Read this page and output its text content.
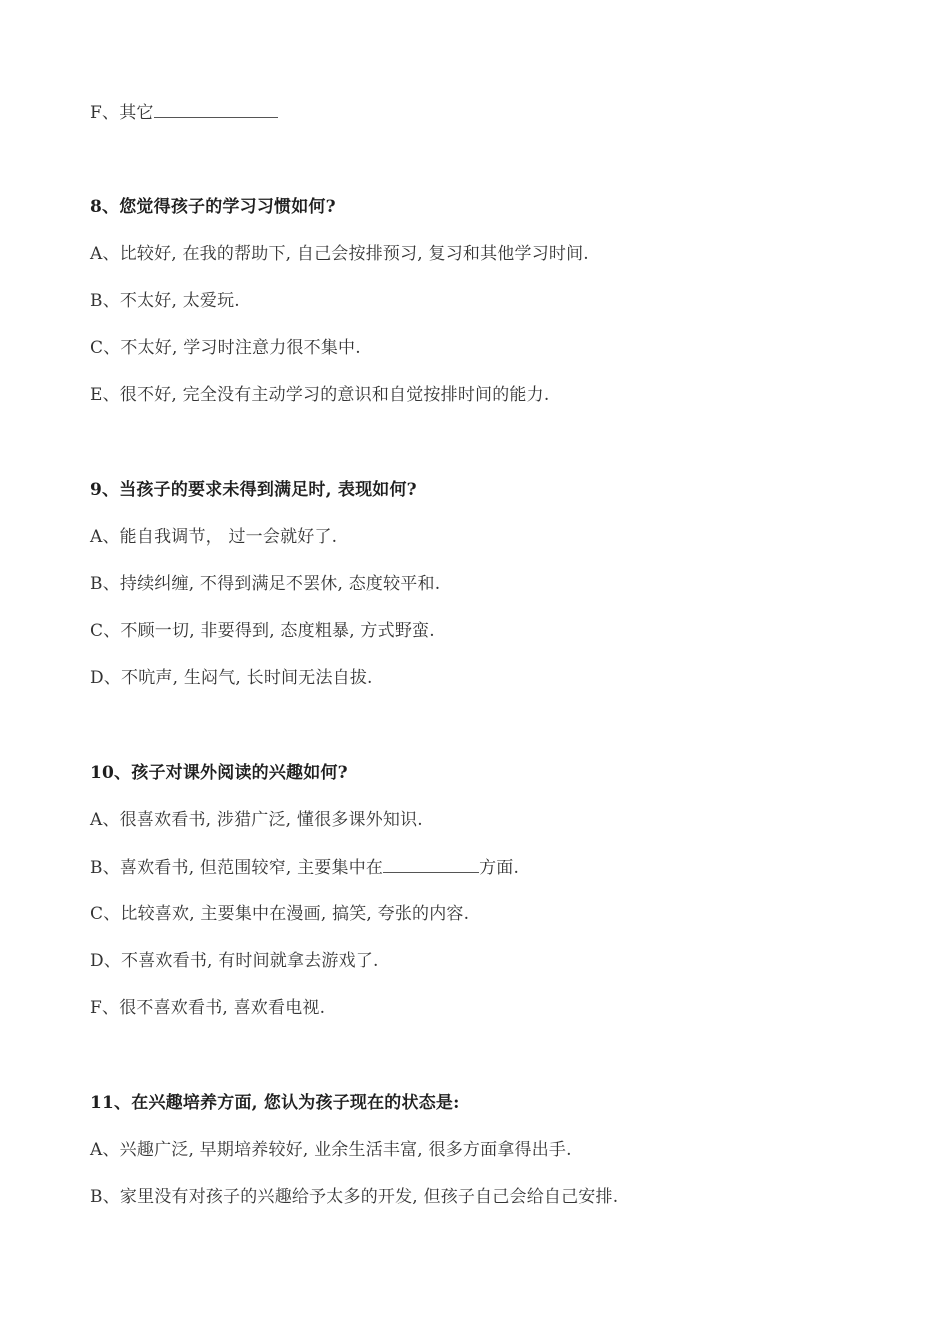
F、其它
8、您觉得孩子的学习习惯如何?
A、比较好, 在我的帮助下, 自己会按排预习, 复习和其他学习时间.
B、不太好, 太爱玩.
C、不太好, 学习时注意力很不集中.
E、很不好, 完全没有主动学习的意识和自觉按排时间的能力.
9、当孩子的要求未得到满足时, 表现如何?
A、能自我调节， 过一会就好了.
B、持续纠缠, 不得到满足不罢休, 态度较平和.
C、不顾一切, 非要得到, 态度粗暴, 方式野蛮.
D、不吭声, 生闷气, 长时间无法自拔.
10、孩子对课外阅读的兴趣如何?
A、很喜欢看书, 涉猎广泛, 懂很多课外知识.
B、喜欢看书, 但范围较窄, 主要集中在	方面.
C、比较喜欢, 主要集中在漫画, 搞笑, 夸张的内容.
D、不喜欢看书, 有时间就拿去游戏了.
F、很不喜欢看书, 喜欢看电视.
11、在兴趣培养方面, 您认为孩子现在的状态是:
A、兴趣广泛, 早期培养较好, 业余生活丰富, 很多方面拿得出手.
B、家里没有对孩子的兴趣给予太多的开发, 但孩子自己会给自己安排.
